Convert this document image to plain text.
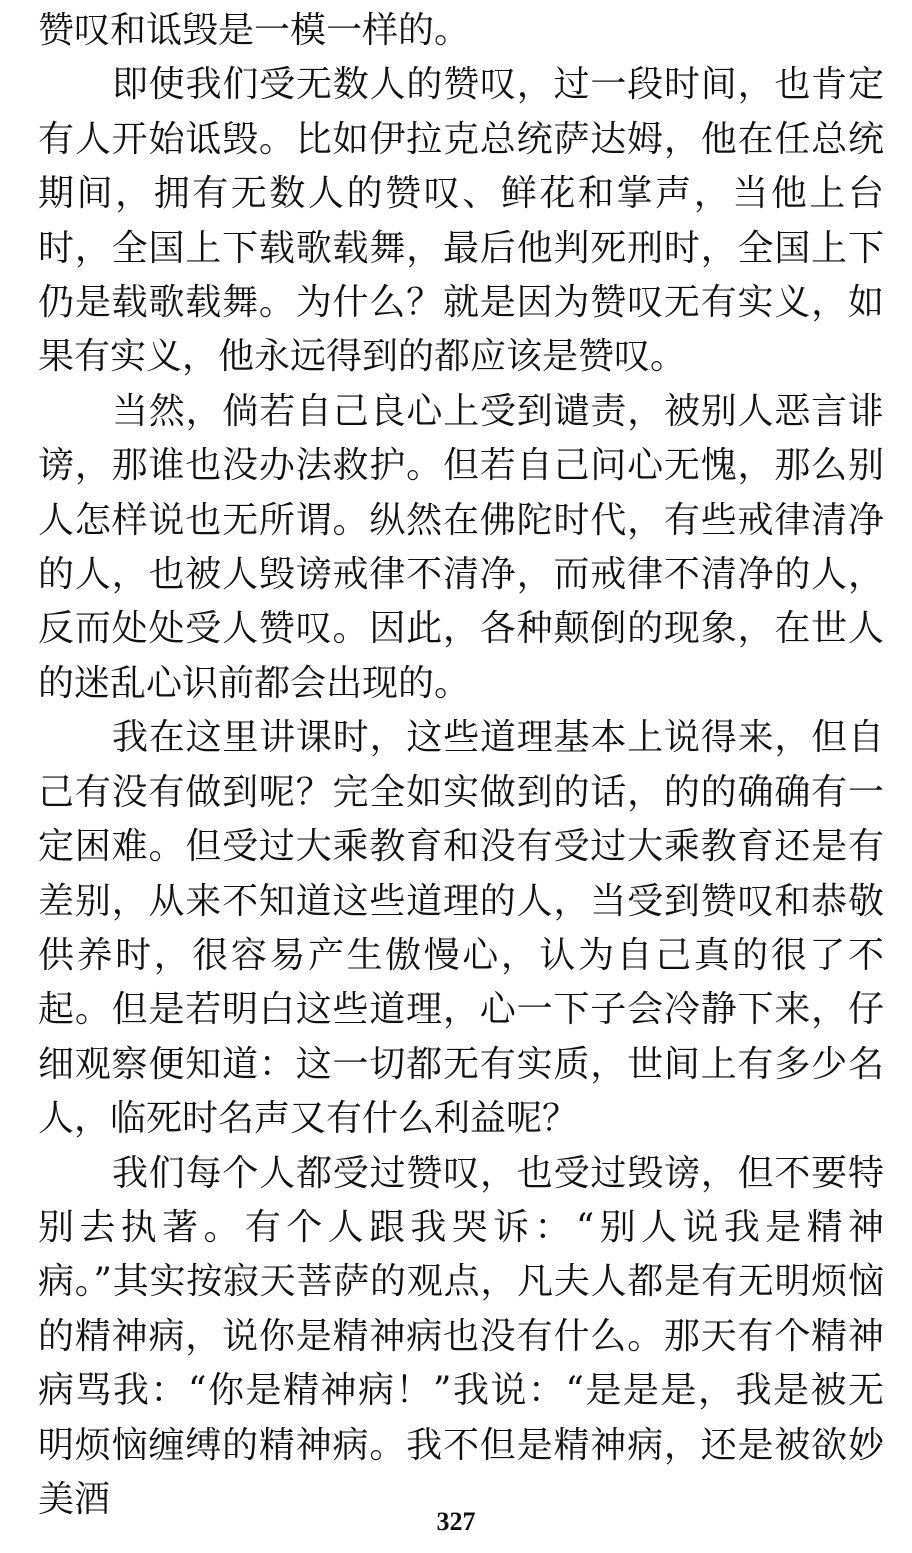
赞叹和诋毁是一模一样的。

即使我们受无数人的赞叹，过一段时间，也肯定有人开始诋毁。比如伊拉克总统萨达姆，他在任总统期间，拥有无数人的赞叹、鲜花和掌声，当他上台时，全国上下载歌载舞，最后他判死刑时，全国上下仍是载歌载舞。为什么？就是因为赞叹无有实义，如果有实义，他永远得到的都应该是赞叹。

当然，倘若自己良心上受到谴责，被别人恶言诽谤，那谁也没办法救护。但若自己问心无愧，那么别人怎样说也无所谓。纵然在佛陀时代，有些戒律清净的人，也被人毁谤戒律不清净，而戒律不清净的人，反而处处受人赞叹。因此，各种颠倒的现象，在世人的迷乱心识前都会出现的。

我在这里讲课时，这些道理基本上说得来，但自己有没有做到呢？完全如实做到的话，的的确确有一定困难。但受过大乘教育和没有受过大乘教育还是有差别，从来不知道这些道理的人，当受到赞叹和恭敬供养时，很容易产生傲慢心，认为自己真的很了不起。但是若明白这些道理，心一下子会冷静下来，仔细观察便知道：这一切都无有实质，世间上有多少名人，临死时名声又有什么利益呢？

我们每个人都受过赞叹，也受过毁谤，但不要特别去执著。有个人跟我哭诉：“别人说我是精神病。”其实按寂天菩萨的观点，凡夫人都是有无明烦恼的精神病，说你是精神病也没有什么。那天有个精神病骂我：“你是精神病！”我说：“是是是，我是被无明烦恼缠缚的精神病。我不但是精神病，还是被欲妙美酒

327
